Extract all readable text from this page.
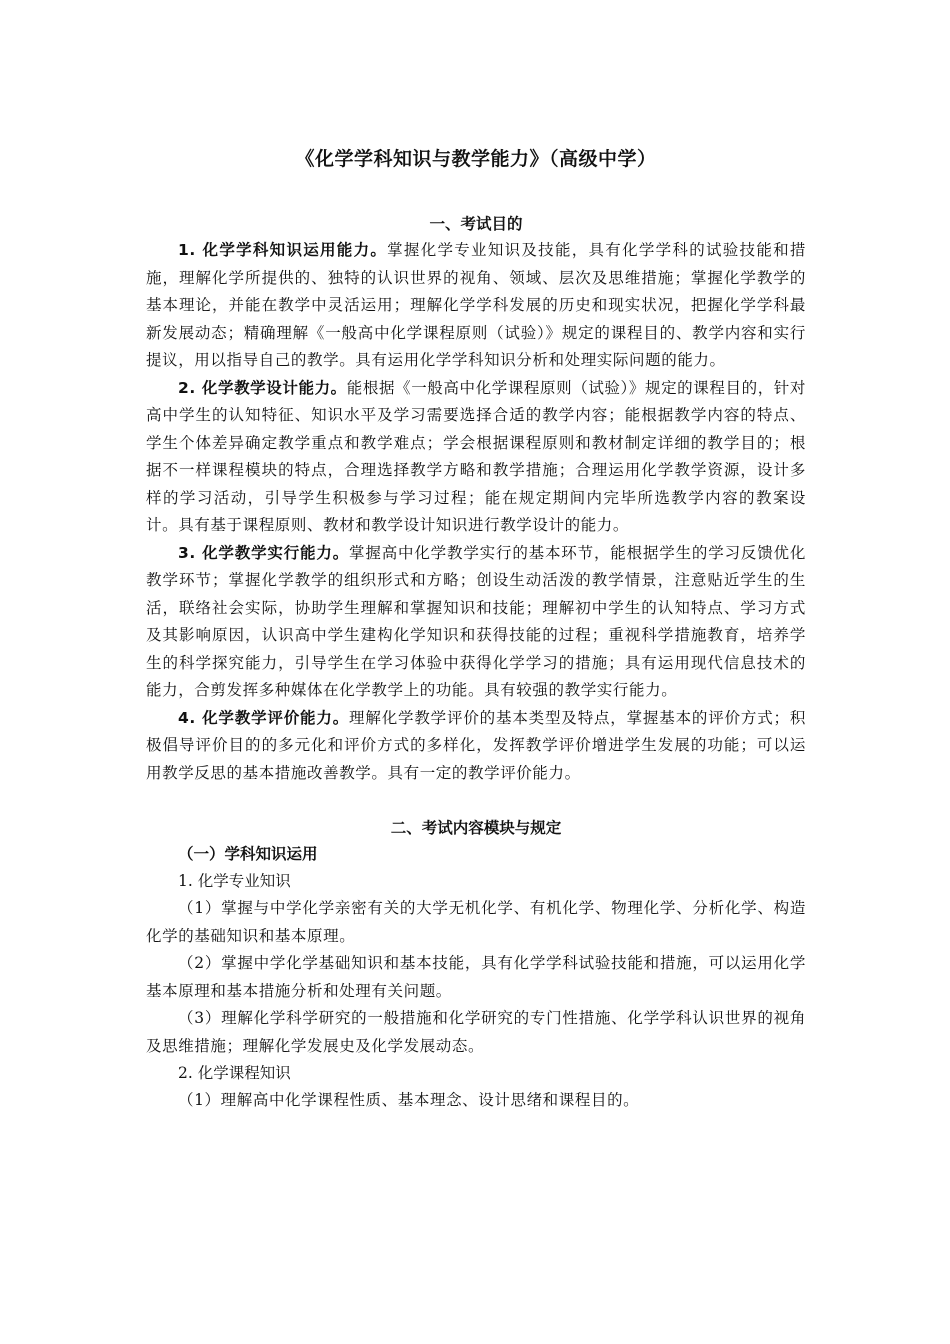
《化学学科知识与教学能力》（高级中学）
一、考试目的

1. 化学学科知识运用能力。掌握化学专业知识及技能，具有化学学科的试验技能和措施，理解化学所提供的、独特的认识世界的视角、领域、层次及思维措施；掌握化学教学的基本理论，并能在教学中灵活运用；理解化学学科发展的历史和现实状况，把握化学学科最新发展动态；精确理解《一般高中化学课程原则（试验）》规定的课程目的、教学内容和实行提议，用以指导自己的教学。具有运用化学学科知识分析和处理实际问题的能力。

2. 化学教学设计能力。能根据《一般高中化学课程原则（试验）》规定的课程目的，针对高中学生的认知特征、知识水平及学习需要选择合适的教学内容；能根据教学内容的特点、学生个体差异确定教学重点和教学难点；学会根据课程原则和教材制定详细的教学目的；根据不一样课程模块的特点，合理选择教学方略和教学措施；合理运用化学教学资源，设计多样的学习活动，引导学生积极参与学习过程；能在规定期间内完毕所选教学内容的教案设计。具有基于课程原则、教材和教学设计知识进行教学设计的能力。

3. 化学教学实行能力。掌握高中化学教学实行的基本环节，能根据学生的学习反馈优化教学环节；掌握化学教学的组织形式和方略；创设生动活泼的教学情景，注意贴近学生的生活，联络社会实际，协助学生理解和掌握知识和技能；理解初中学生的认知特点、学习方式及其影响原因，认识高中学生建构化学知识和获得技能的过程；重视科学措施教育，培养学生的科学探究能力，引导学生在学习体验中获得化学学习的措施；具有运用现代信息技术的能力，合剪发挥多种媒体在化学教学上的功能。具有较强的教学实行能力。

4. 化学教学评价能力。理解化学教学评价的基本类型及特点，掌握基本的评价方式；积极倡导评价目的的多元化和评价方式的多样化，发挥教学评价增进学生发展的功能；可以运用教学反思的基本措施改善教学。具有一定的教学评价能力。

二、考试内容模块与规定
（一）学科知识运用
1. 化学专业知识

（1）掌握与中学化学亲密有关的大学无机化学、有机化学、物理化学、分析化学、构造化学的基础知识和基本原理。

（2）掌握中学化学基础知识和基本技能，具有化学学科试验技能和措施，可以运用化学基本原理和基本措施分析和处理有关问题。

（3）理解化学科学研究的一般措施和化学研究的专门性措施、化学学科认识世界的视角及思维措施；理解化学发展史及化学发展动态。

2. 化学课程知识

（1）理解高中化学课程性质、基本理念、设计思绪和课程目的。
